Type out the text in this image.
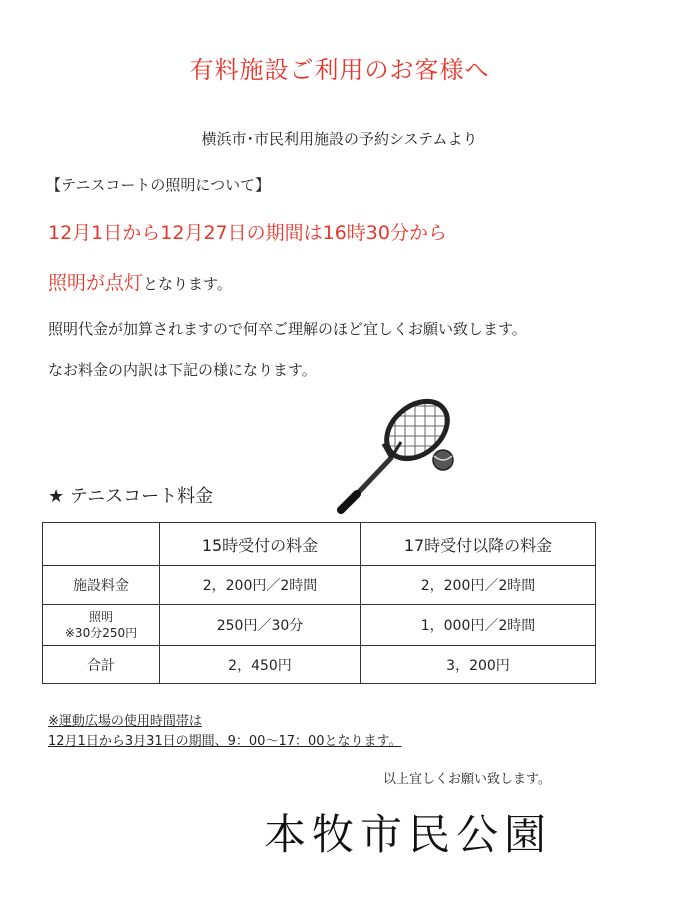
有料施設ご利用のお客様へ
横浜市･市民利用施設の予約システムより
【テニスコートの照明について】
12月1日から12月27日の期間は16時30分から
照明が点灯となります。
照明代金が加算されますので何卒ご理解のほど宜しくお願い致します。
なお料金の内訳は下記の様になります。
★ テニスコート料金
	15時受付の料金	17時受付以降の料金
施設料金	2，200円／2時間	2，200円／2時間

照明
※30分250円	250円／30分	1，000円／2時間
合計	2，450円	3，200円
※運動広場の使用時間帯は
12月1日から3月31日の期間、9：00～17：00となります。
以上宜しくお願い致します。
本牧市民公園
